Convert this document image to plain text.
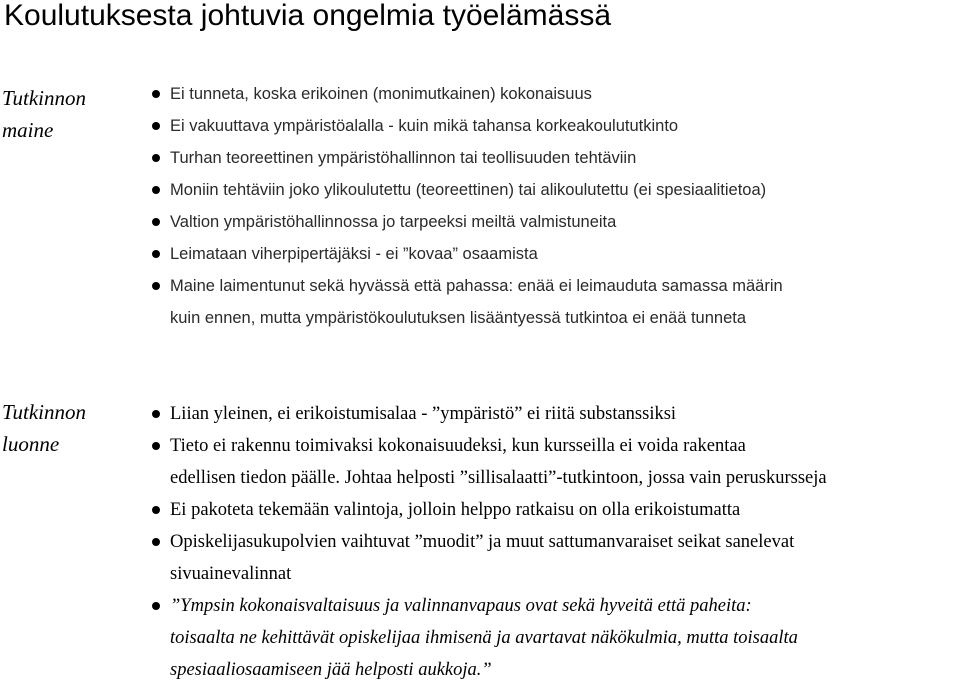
Koulutuksesta johtuvia ongelmia työelämässä
Tutkinnon
maine
Ei tunneta, koska erikoinen (monimutkainen) kokonaisuus
Ei vakuuttava ympäristöalalla - kuin mikä tahansa korkeakoulututkinto
Turhan teoreettinen ympäristöhallinnon tai teollisuuden tehtäviin
Moniin tehtäviin joko ylikoulutettu (teoreettinen) tai alikoulutettu (ei spesiaalitietoa)
Valtion ympäristöhallinnossa jo tarpeeksi meiltä valmistuneita
Leimataan viherpipertäjäksi - ei ”kovaa” osaamista
Maine laimentunut sekä hyvässä että pahassa: enää ei leimauduta samassa määrin
kuin ennen, mutta ympäristökoulutuksen lisääntyessä tutkintoa ei enää tunneta
Tutkinnon
luonne
Liian yleinen, ei erikoistumisalaa - ”ympäristö” ei riitä substanssiksi
Tieto ei rakennu toimivaksi kokonaisuudeksi, kun kursseilla ei voida rakentaa
edellisen tiedon päälle. Johtaa helposti ”sillisalaatti”-tutkintoon, jossa vain peruskursseja
Ei pakoteta tekemään valintoja, jolloin helppo ratkaisu on olla erikoistumatta
Opiskelijasukupolvien vaihtuvat ”muodit” ja muut sattumanvaraiset seikat sanelevat
sivuainevalinnat
”Ympsin kokonaisvaltaisuus ja valinnanvapaus ovat sekä hyveitä että paheita:
toisaalta ne kehittävät opiskelijaa ihmisenä ja avartavat näkökulmia, mutta toisaalta
spesiaaliosaamiseen jää helposti aukkoja.”
